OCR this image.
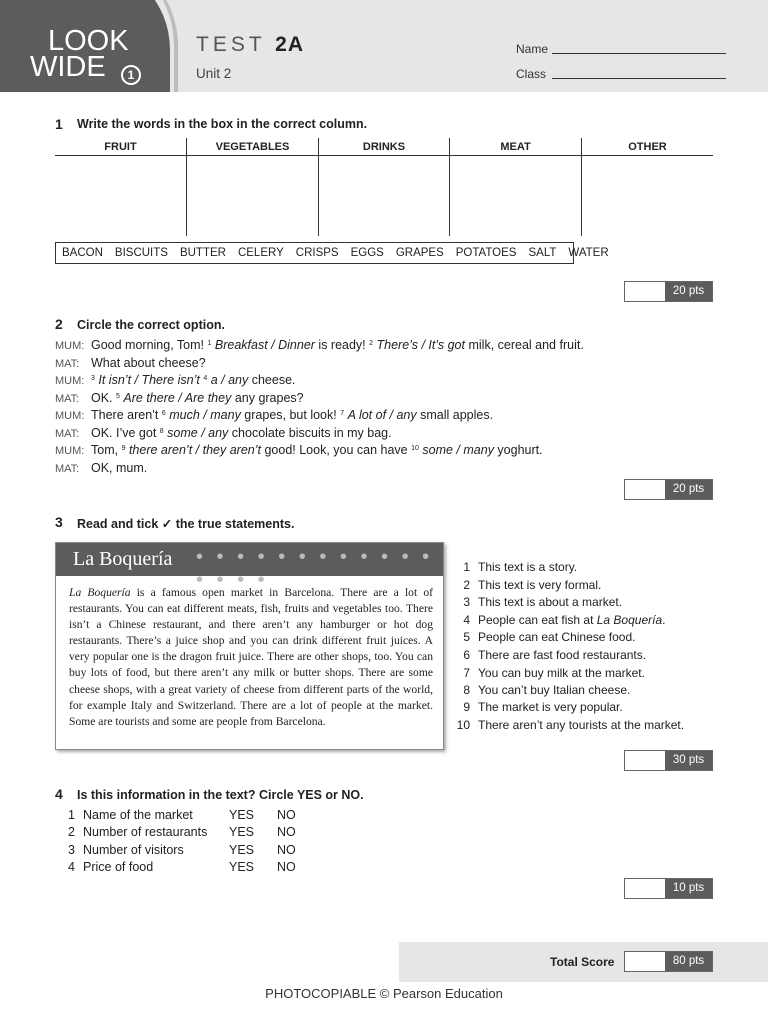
LOOK
WIDE	1
TEST 2A
Unit 2
Name
Class
1 Write the words in the box in the correct column.
FRUIT	VEGETABLES	DRINKS	MEAT	OTHER
BACON BISCUITS BUTTER CELERY CRISPS EGGS GRAPES POTATOES SALT WATER
20 pts
2 Circle the correct option.
MUM: Good morning, Tom! $^1$ Breakfast / Dinner is ready! $^2$ There’s / It’s got milk, cereal and fruit.
MAT: What about cheese?
MUM: $^3$ It isn’t / There isn’t $^4$ a / any cheese.
MAT: OK. $^5$ Are there / Are they any grapes?
MUM: There aren’t $^6$ much / many grapes, but look! $^7$ A lot of / any small apples.
MAT: OK. I’ve got $^8$ some / any chocolate biscuits in my bag.
MUM: Tom, $^9$ there aren’t / they aren’t good! Look, you can have $^{10}$ some / many yoghurt.
MAT: OK, mum.
20 pts
3 Read and tick ✓ the true statements.
La Boquería • • • • • • • • • • • • • • • •
La Boquería is a famous open market in Barcelona. There are a lot of restaurants. You can eat different meats, fish, fruits and vegetables too. There isn’t a Chinese restaurant, and there aren’t any hamburger or hot dog restaurants. There’s a juice shop and you can drink different fruit juices. A very popular one is the dragon fruit juice. There are other shops, too. You can buy lots of food, but there aren’t any milk or butter shops. There are some cheese shops, with a great variety of cheese from different parts of the world, for example Italy and Switzerland. There are a lot of people at the market. Some are tourists and some are people from Barcelona.
1 This text is a story.
2 This text is very formal.
3 This text is about a market.
4 People can eat fish at La Boquería.
5 People can eat Chinese food.
6 There are fast food restaurants.
7 You can buy milk at the market.
8 You can’t buy Italian cheese.
9 The market is very popular.
10 There aren’t any tourists at the market.
30 pts
4 Is this information in the text? Circle YES or NO.
1 Name of the market	YES NO
2 Number of restaurants YES NO
3 Number of visitors	YES NO
4 Price of food	YES NO
10 pts
Total Score	80 pts
PHOTOCOPIABLE © Pearson Education
